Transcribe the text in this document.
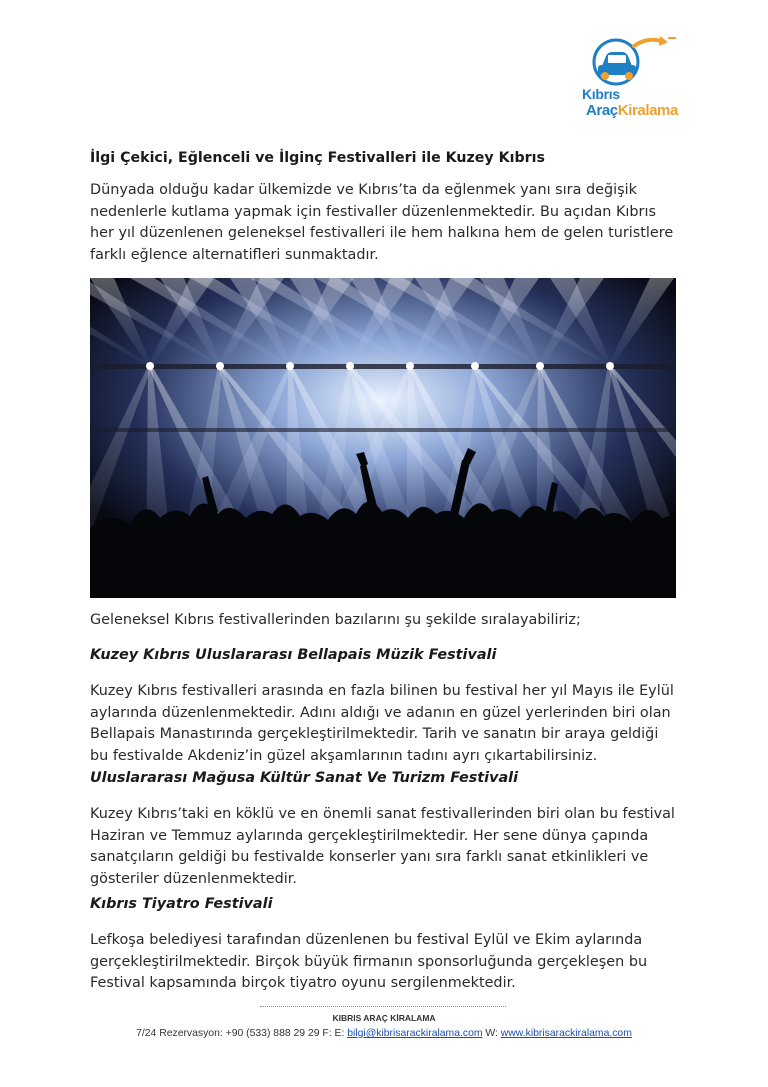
Kıbrıs
AraçKiralama
İlgi Çekici, Eğlenceli ve İlginç Festivalleri ile Kuzey Kıbrıs
Dünyada olduğu kadar ülkemizde ve Kıbrıs’ta da eğlenmek yanı sıra değişik
nedenlerle kutlama yapmak için festivaller düzenlenmektedir. Bu açıdan Kıbrıs
her yıl düzenlenen geleneksel festivalleri ile hem halkına hem de gelen turistlere
farklı eğlence alternatifleri sunmaktadır.
Geleneksel Kıbrıs festivallerinden bazılarını şu şekilde sıralayabiliriz;
Kuzey Kıbrıs Uluslararası Bellapais Müzik Festivali
Kuzey Kıbrıs festivalleri arasında en fazla bilinen bu festival her yıl Mayıs ile Eylül
aylarında düzenlenmektedir. Adını aldığı ve adanın en güzel yerlerinden biri olan
Bellapais Manastırında gerçekleştirilmektedir. Tarih ve sanatın bir araya geldiği
bu festivalde Akdeniz’in güzel akşamlarının tadını ayrı çıkartabilirsiniz.
Uluslararası Mağusa Kültür Sanat Ve Turizm Festivali
Kuzey Kıbrıs’taki en köklü ve en önemli sanat festivallerinden biri olan bu festival
Haziran ve Temmuz aylarında gerçekleştirilmektedir. Her sene dünya çapında
sanatçıların geldiği bu festivalde konserler yanı sıra farklı sanat etkinlikleri ve
gösteriler düzenlenmektedir.
Kıbrıs Tiyatro Festivali
Lefkoşa belediyesi tarafından düzenlenen bu festival Eylül ve Ekim aylarında
gerçekleştirilmektedir. Birçok büyük firmanın sponsorluğunda gerçekleşen bu
Festival kapsamında birçok tiyatro oyunu sergilenmektedir.
KIBRIS ARAÇ KİRALAMA
7/24 Rezervasyon: +90 (533) 888 29 29 F: E: bilgi@kibrisarackiralama.com W: www.kibrisarackiralama.com
